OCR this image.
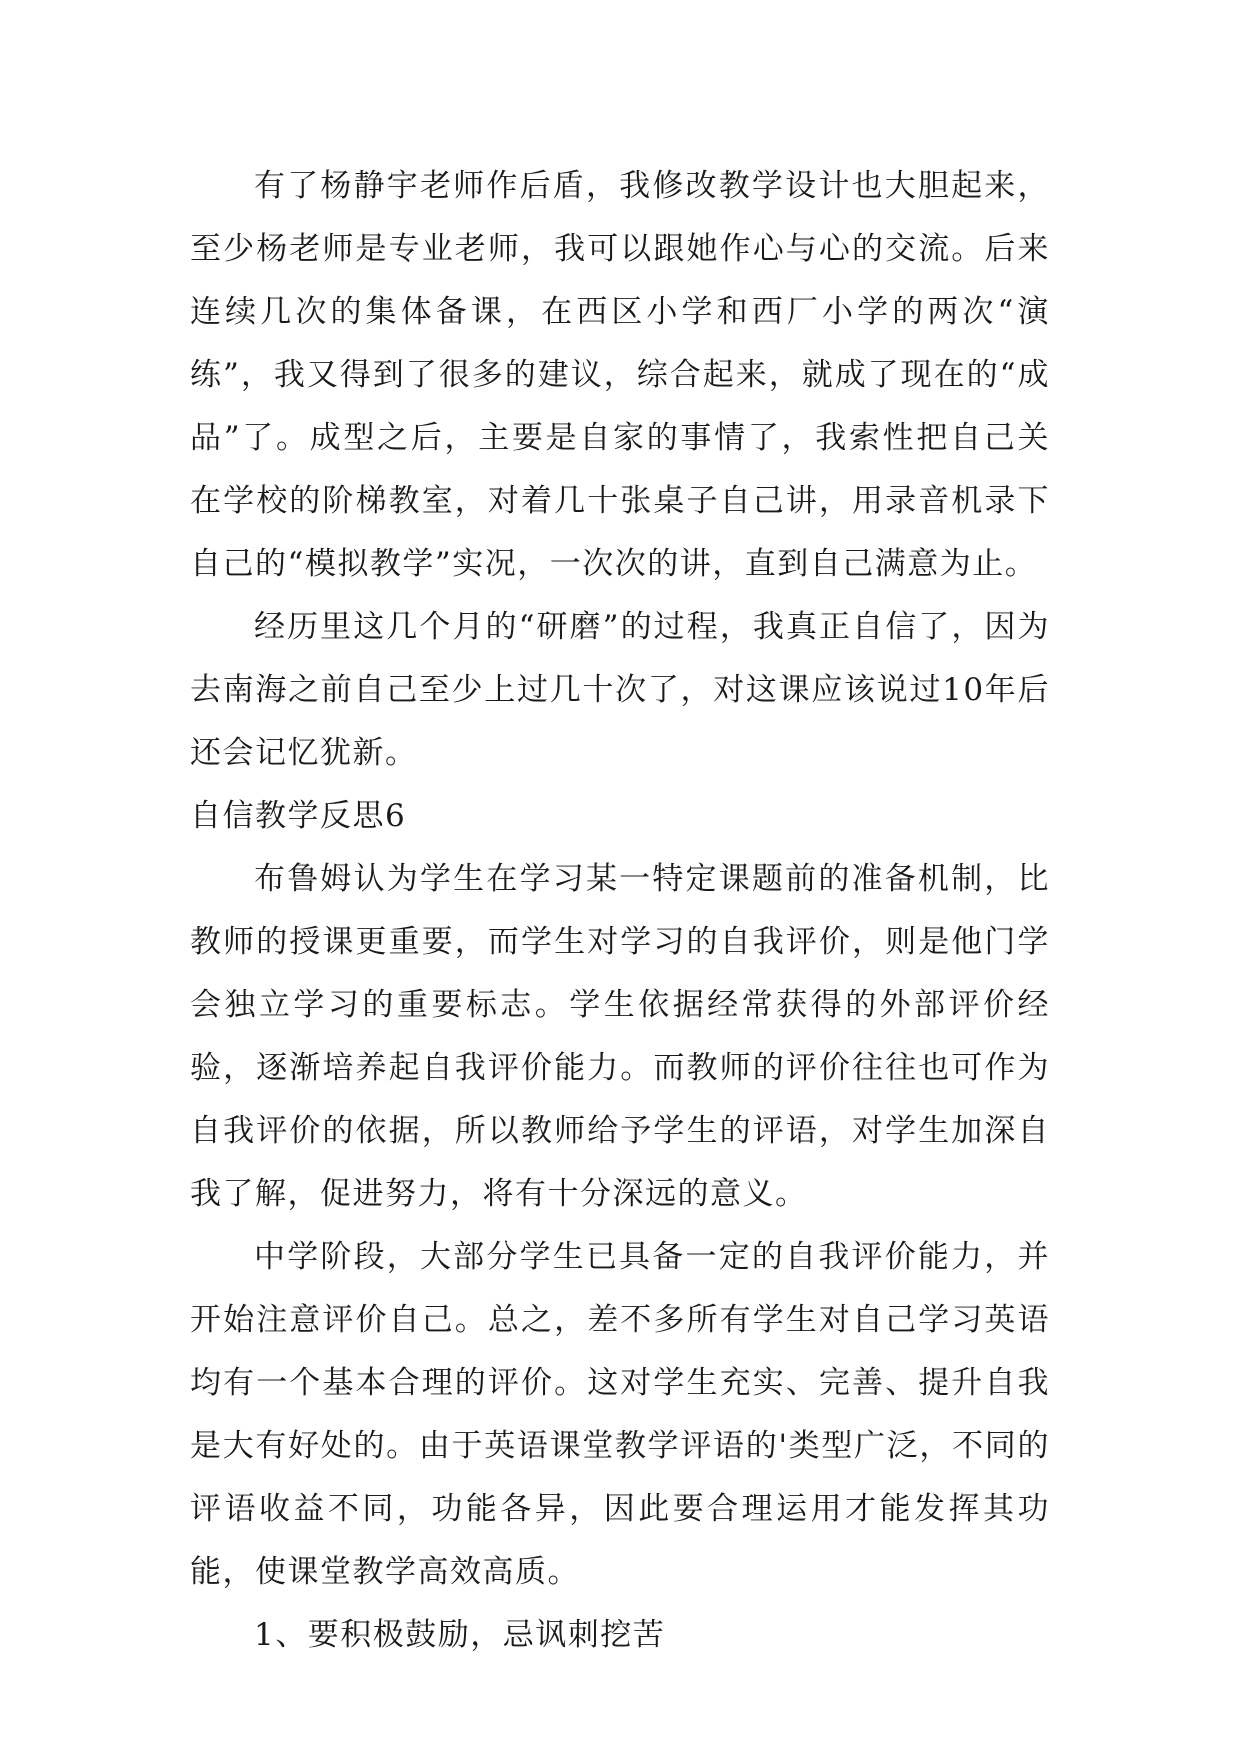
有了杨静宇老师作后盾，我修改教学设计也大胆起来，至少杨老师是专业老师，我可以跟她作心与心的交流。后来连续几次的集体备课，在西区小学和西厂小学的两次“演练”，我又得到了很多的建议，综合起来，就成了现在的“成品”了。成型之后，主要是自家的事情了，我索性把自己关在学校的阶梯教室，对着几十张桌子自己讲，用录音机录下自己的“模拟教学”实况，一次次的讲，直到自己满意为止。

经历里这几个月的“研磨”的过程，我真正自信了，因为去南海之前自己至少上过几十次了，对这课应该说过10年后还会记忆犹新。

自信教学反思6

布鲁姆认为学生在学习某一特定课题前的准备机制，比教师的授课更重要，而学生对学习的自我评价，则是他门学会独立学习的重要标志。学生依据经常获得的外部评价经验，逐渐培养起自我评价能力。而教师的评价往往也可作为自我评价的依据，所以教师给予学生的评语，对学生加深自我了解，促进努力，将有十分深远的意义。

中学阶段，大部分学生已具备一定的自我评价能力，并开始注意评价自己。总之，差不多所有学生对自己学习英语均有一个基本合理的评价。这对学生充实、完善、提升自我是大有好处的。由于英语课堂教学评语的'类型广泛，不同的评语收益不同，功能各异，因此要合理运用才能发挥其功能，使课堂教学高效高质。

1、要积极鼓励，忌讽刺挖苦
